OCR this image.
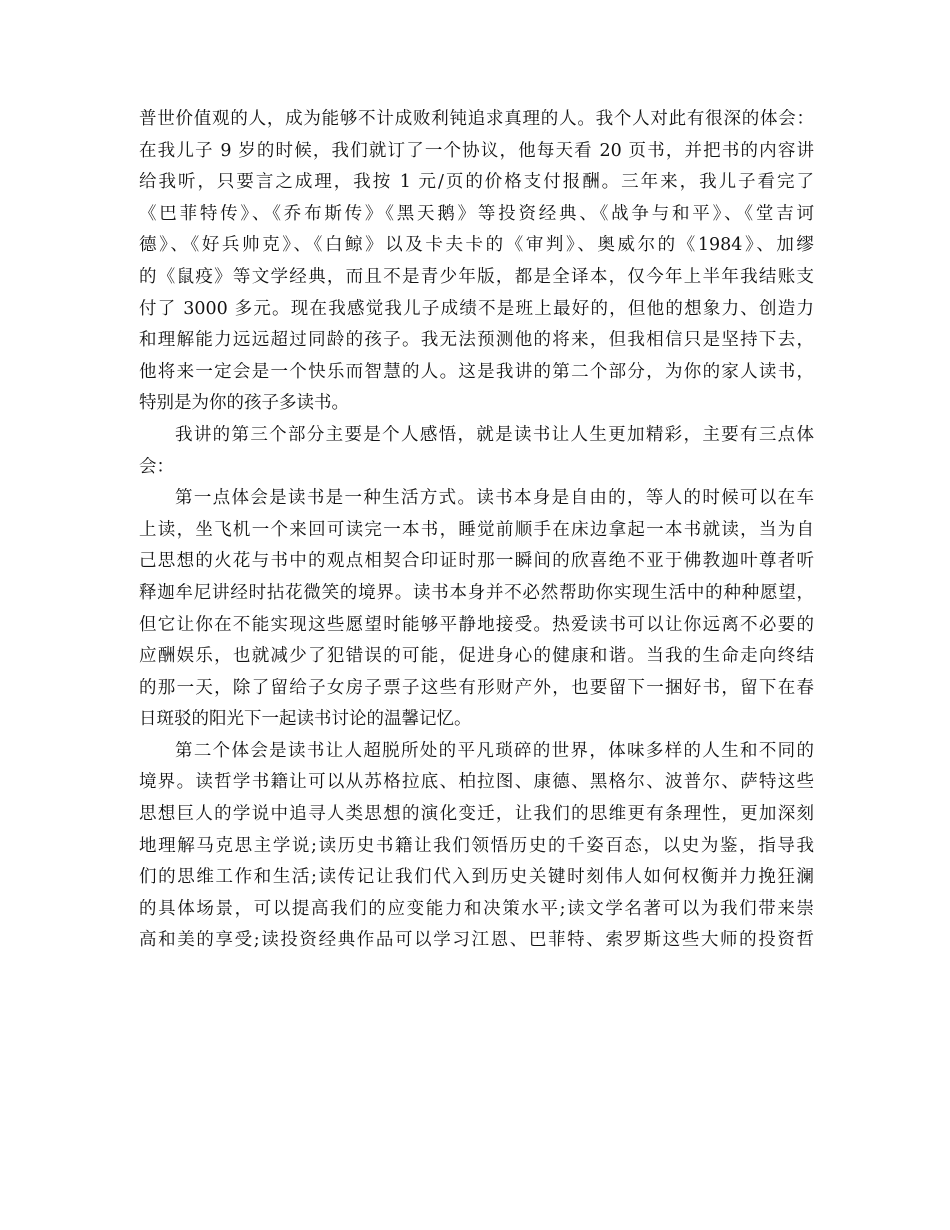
普世价值观的人，成为能够不计成败利钝追求真理的人。我个人对此有很深的体会：
在我儿子 9 岁的时候，我们就订了一个协议，他每天看 20 页书，并把书的内容讲
给我听，只要言之成理，我按 1 元/页的价格支付报酬。三年来，我儿子看完了
《巴菲特传》、《乔布斯传》《黑天鹅》等投资经典、《战争与和平》、《堂吉诃
德》、《好兵帅克》、《白鲸》以及卡夫卡的《审判》、奥威尔的《1984》、加缪
的《鼠疫》等文学经典，而且不是青少年版，都是全译本，仅今年上半年我结账支
付了 3000 多元。现在我感觉我儿子成绩不是班上最好的，但他的想象力、创造力
和理解能力远远超过同龄的孩子。我无法预测他的将来，但我相信只是坚持下去，
他将来一定会是一个快乐而智慧的人。这是我讲的第二个部分，为你的家人读书，
特别是为你的孩子多读书。
我讲的第三个部分主要是个人感悟，就是读书让人生更加精彩，主要有三点体
会：
第一点体会是读书是一种生活方式。读书本身是自由的，等人的时候可以在车
上读，坐飞机一个来回可读完一本书，睡觉前顺手在床边拿起一本书就读，当为自
己思想的火花与书中的观点相契合印证时那一瞬间的欣喜绝不亚于佛教迦叶尊者听
释迦牟尼讲经时拈花微笑的境界。读书本身并不必然帮助你实现生活中的种种愿望，
但它让你在不能实现这些愿望时能够平静地接受。热爱读书可以让你远离不必要的
应酬娱乐，也就减少了犯错误的可能，促进身心的健康和谐。当我的生命走向终结
的那一天，除了留给子女房子票子这些有形财产外，也要留下一捆好书，留下在春
日斑驳的阳光下一起读书讨论的温馨记忆。
第二个体会是读书让人超脱所处的平凡琐碎的世界，体味多样的人生和不同的
境界。读哲学书籍让可以从苏格拉底、柏拉图、康德、黑格尔、波普尔、萨特这些
思想巨人的学说中追寻人类思想的演化变迁，让我们的思维更有条理性，更加深刻
地理解马克思主学说;读历史书籍让我们领悟历史的千姿百态，以史为鉴，指导我
们的思维工作和生活;读传记让我们代入到历史关键时刻伟人如何权衡并力挽狂澜
的具体场景，可以提高我们的应变能力和决策水平;读文学名著可以为我们带来崇
高和美的享受;读投资经典作品可以学习江恩、巴菲特、索罗斯这些大师的投资哲
